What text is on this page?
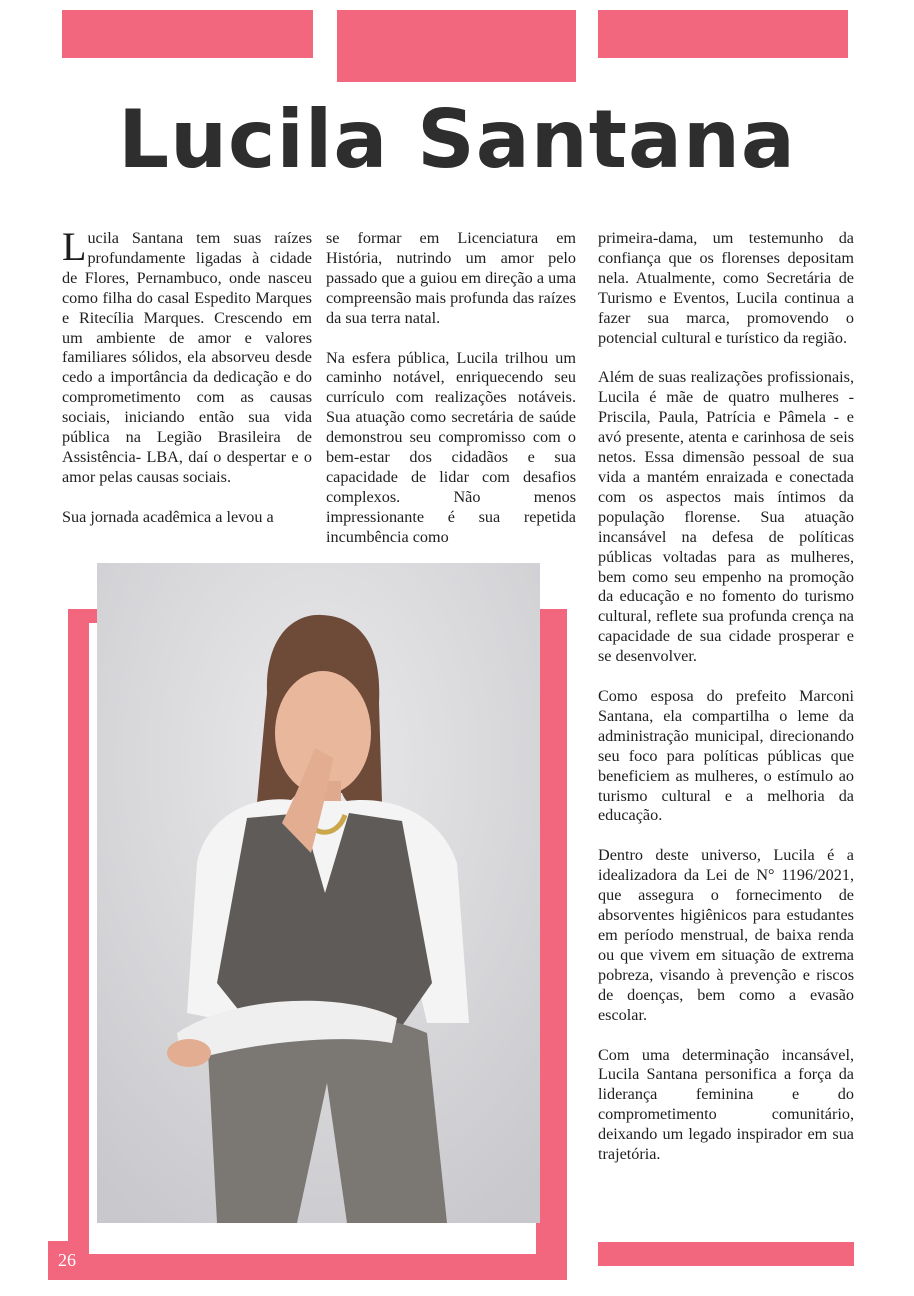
Lucila Santana

Lucila Santana tem suas raízes profundamente ligadas à cidade de Flores, Pernambuco, onde nasceu como filha do casal Espedito Marques e Ritecília Marques. Crescendo em um ambiente de amor e valores familiares sólidos, ela absorveu desde cedo a importância da dedicação e do comprometimento com as causas sociais, iniciando então sua vida pública na Legião Brasileira de Assistência- LBA, daí o despertar e o amor pelas causas sociais.

Sua jornada acadêmica a levou a

se formar em Licenciatura em História, nutrindo um amor pelo passado que a guiou em direção a uma compreensão mais profunda das raízes da sua terra natal.

Na esfera pública, Lucila trilhou um caminho notável, enriquecendo seu currículo com realizações notáveis. Sua atuação como secretária de saúde demonstrou seu compromisso com o bem-estar dos cidadãos e sua capacidade de lidar com desafios complexos. Não menos impressionante é sua repetida incumbência como

primeira-dama, um testemunho da confiança que os florenses depositam nela. Atualmente, como Secretária de Turismo e Eventos, Lucila continua a fazer sua marca, promovendo o potencial cultural e turístico da região.

Além de suas realizações profissionais, Lucila é mãe de quatro mulheres - Priscila, Paula, Patrícia e Pâmela - e avó presente, atenta e carinhosa de seis netos. Essa dimensão pessoal de sua vida a mantém enraizada e conectada com os aspectos mais íntimos da população florense. Sua atuação incansável na defesa de políticas públicas voltadas para as mulheres, bem como seu empenho na promoção da educação e no fomento do turismo cultural, reflete sua profunda crença na capacidade de sua cidade prosperar e se desenvolver.

Como esposa do prefeito Marconi Santana, ela compartilha o leme da administração municipal, direcionando seu foco para políticas públicas que beneficiem as mulheres, o estímulo ao turismo cultural e a melhoria da educação.

Dentro deste universo, Lucila é a idealizadora da Lei de N° 1196/2021, que assegura o fornecimento de absorventes higiênicos para estudantes em período menstrual, de baixa renda ou que vivem em situação de extrema pobreza, visando à prevenção e riscos de doenças, bem como a evasão escolar.

Com uma determinação incansável, Lucila Santana personifica a força da liderança feminina e do comprometimento comunitário, deixando um legado inspirador em sua trajetória.

26
